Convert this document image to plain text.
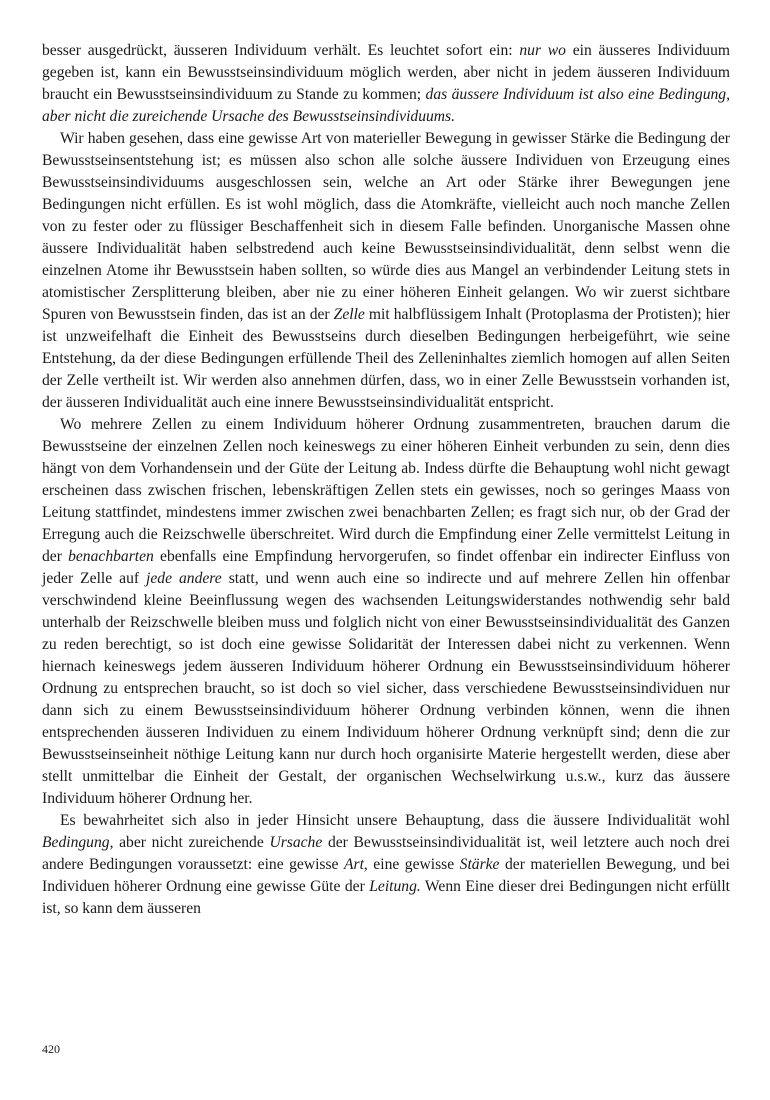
besser ausgedrückt, äusseren Individuum verhält. Es leuchtet sofort ein: nur wo ein äusseres Individuum gegeben ist, kann ein Bewusstseinsindividuum möglich werden, aber nicht in jedem äusseren Individuum braucht ein Bewusstseinsindividuum zu Stande zu kommen; das äussere Individuum ist also eine Bedingung, aber nicht die zureichende Ursache des Bewusstseinsindividuums.

Wir haben gesehen, dass eine gewisse Art von materieller Bewegung in gewisser Stärke die Bedingung der Bewusstseinsentstehung ist; es müssen also schon alle solche äussere Individuen von Erzeugung eines Bewusstseinsindividuums ausgeschlossen sein, welche an Art oder Stärke ihrer Bewegungen jene Bedingungen nicht erfüllen. Es ist wohl möglich, dass die Atomkräfte, vielleicht auch noch manche Zellen von zu fester oder zu flüssiger Beschaffenheit sich in diesem Falle befinden. Unorganische Massen ohne äussere Individualität haben selbstredend auch keine Bewusstseinsindividualität, denn selbst wenn die einzelnen Atome ihr Bewusstsein haben sollten, so würde dies aus Mangel an verbindender Leitung stets in atomistischer Zersplitterung bleiben, aber nie zu einer höheren Einheit gelangen. Wo wir zuerst sichtbare Spuren von Bewusstsein finden, das ist an der Zelle mit halbflüssigem Inhalt (Protoplasma der Protisten); hier ist unzweifelhaft die Einheit des Bewusstseins durch dieselben Bedingungen herbeigeführt, wie seine Entstehung, da der diese Bedingungen erfüllende Theil des Zelleninhaltes ziemlich homogen auf allen Seiten der Zelle vertheilt ist. Wir werden also annehmen dürfen, dass, wo in einer Zelle Bewusstsein vorhanden ist, der äusseren Individualität auch eine innere Bewusstseinsindividualität entspricht.

Wo mehrere Zellen zu einem Individuum höherer Ordnung zusammentreten, brauchen darum die Bewusstseine der einzelnen Zellen noch keineswegs zu einer höheren Einheit verbunden zu sein, denn dies hängt von dem Vorhandensein und der Güte der Leitung ab. Indess dürfte die Behauptung wohl nicht gewagt erscheinen dass zwischen frischen, lebenskräftigen Zellen stets ein gewisses, noch so geringes Maass von Leitung stattfindet, mindestens immer zwischen zwei benachbarten Zellen; es fragt sich nur, ob der Grad der Erregung auch die Reizschwelle überschreitet. Wird durch die Empfindung einer Zelle vermittelst Leitung in der benachbarten ebenfalls eine Empfindung hervorgerufen, so findet offenbar ein indirecter Einfluss von jeder Zelle auf jede andere statt, und wenn auch eine so indirecte und auf mehrere Zellen hin offenbar verschwindend kleine Beeinflussung wegen des wachsenden Leitungswiderstandes nothwendig sehr bald unterhalb der Reizschwelle bleiben muss und folglich nicht von einer Bewusstseinsindividualität des Ganzen zu reden berechtigt, so ist doch eine gewisse Solidarität der Interessen dabei nicht zu verkennen. Wenn hiernach keineswegs jedem äusseren Individuum höherer Ordnung ein Bewusstseinsindividuum höherer Ordnung zu entsprechen braucht, so ist doch so viel sicher, dass verschiedene Bewusstseinsindividuen nur dann sich zu einem Bewusstseinsindividuum höherer Ordnung verbinden können, wenn die ihnen entsprechenden äusseren Individuen zu einem Individuum höherer Ordnung verknüpft sind; denn die zur Bewusstseinseinheit nöthige Leitung kann nur durch hoch organisirte Materie hergestellt werden, diese aber stellt unmittelbar die Einheit der Gestalt, der organischen Wechselwirkung u.s.w., kurz das äussere Individuum höherer Ordnung her.

Es bewahrheitet sich also in jeder Hinsicht unsere Behauptung, dass die äussere Individualität wohl Bedingung, aber nicht zureichende Ursache der Bewusstseinsindividualität ist, weil letztere auch noch drei andere Bedingungen voraussetzt: eine gewisse Art, eine gewisse Stärke der materiellen Bewegung, und bei Individuen höherer Ordnung eine gewisse Güte der Leitung. Wenn Eine dieser drei Bedingungen nicht erfüllt ist, so kann dem äusseren

420
